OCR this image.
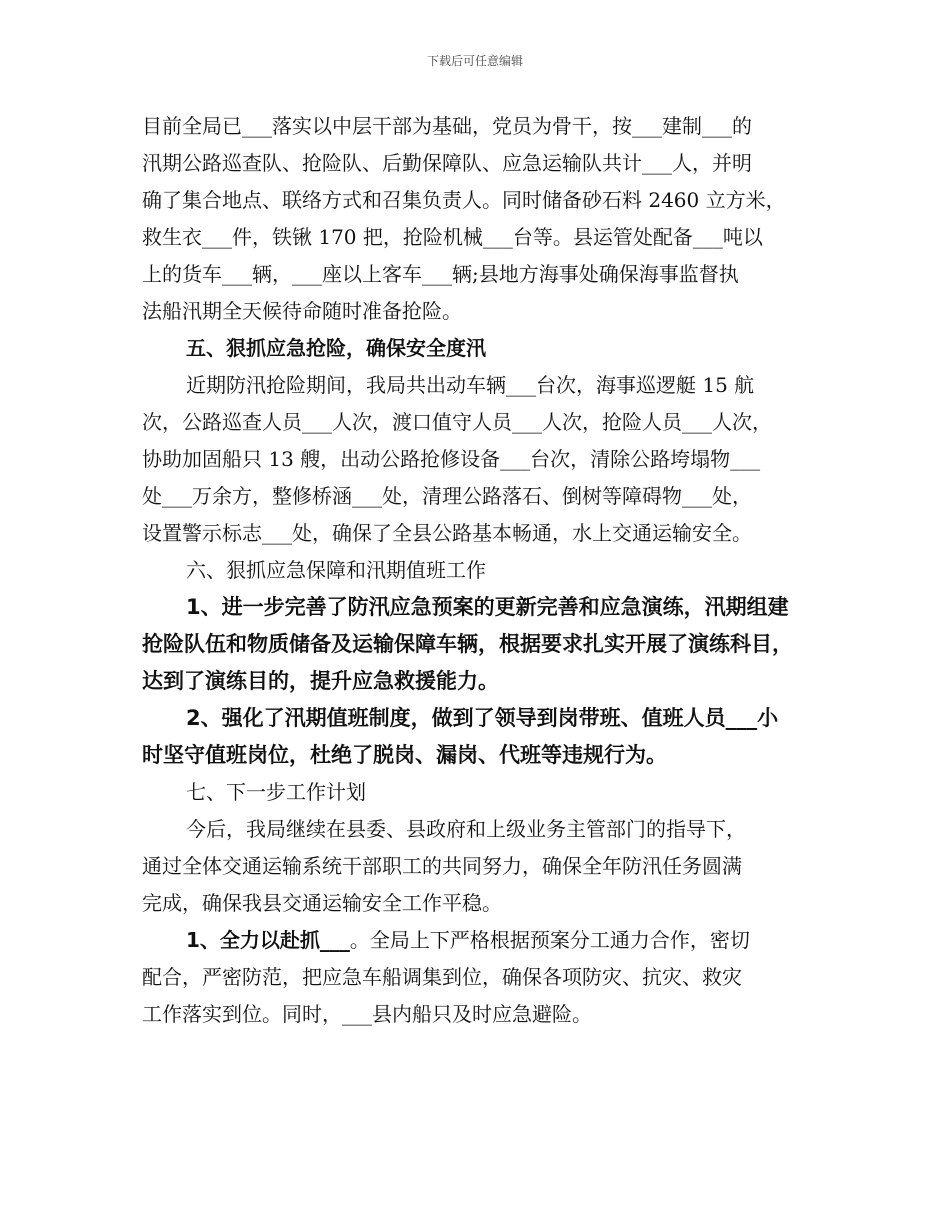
下载后可任意编辑
目前全局已___落实以中层干部为基础，党员为骨干，按___建制___的
汛期公路巡查队、抢险队、后勤保障队、应急运输队共计___人，并明
确了集合地点、联络方式和召集负责人。同时储备砂石料 2460 立方米，
救生衣___件，铁锹 170 把，抢险机械___台等。县运管处配备___吨以
上的货车___辆，___座以上客车___辆;县地方海事处确保海事监督执
法船汛期全天候待命随时准备抢险。
五、狠抓应急抢险，确保安全度汛
近期防汛抢险期间，我局共出动车辆___台次，海事巡逻艇 15 航
次，公路巡查人员___人次，渡口值守人员___人次，抢险人员___人次，
协助加固船只 13 艘，出动公路抢修设备___台次，清除公路垮塌物___
处___万余方，整修桥涵___处，清理公路落石、倒树等障碍物___处，
设置警示标志___处，确保了全县公路基本畅通，水上交通运输安全。
六、狠抓应急保障和汛期值班工作
1、进一步完善了防汛应急预案的更新完善和应急演练，汛期组建
抢险队伍和物质储备及运输保障车辆，根据要求扎实开展了演练科目，
达到了演练目的，提升应急救援能力。
2、强化了汛期值班制度，做到了领导到岗带班、值班人员___小
时坚守值班岗位，杜绝了脱岗、漏岗、代班等违规行为。
七、下一步工作计划
今后，我局继续在县委、县政府和上级业务主管部门的指导下，
通过全体交通运输系统干部职工的共同努力，确保全年防汛任务圆满
完成，确保我县交通运输安全工作平稳。
1、全力以赴抓___。全局上下严格根据预案分工通力合作，密切
配合，严密防范，把应急车船调集到位，确保各项防灾、抗灾、救灾
工作落实到位。同时，___县内船只及时应急避险。
